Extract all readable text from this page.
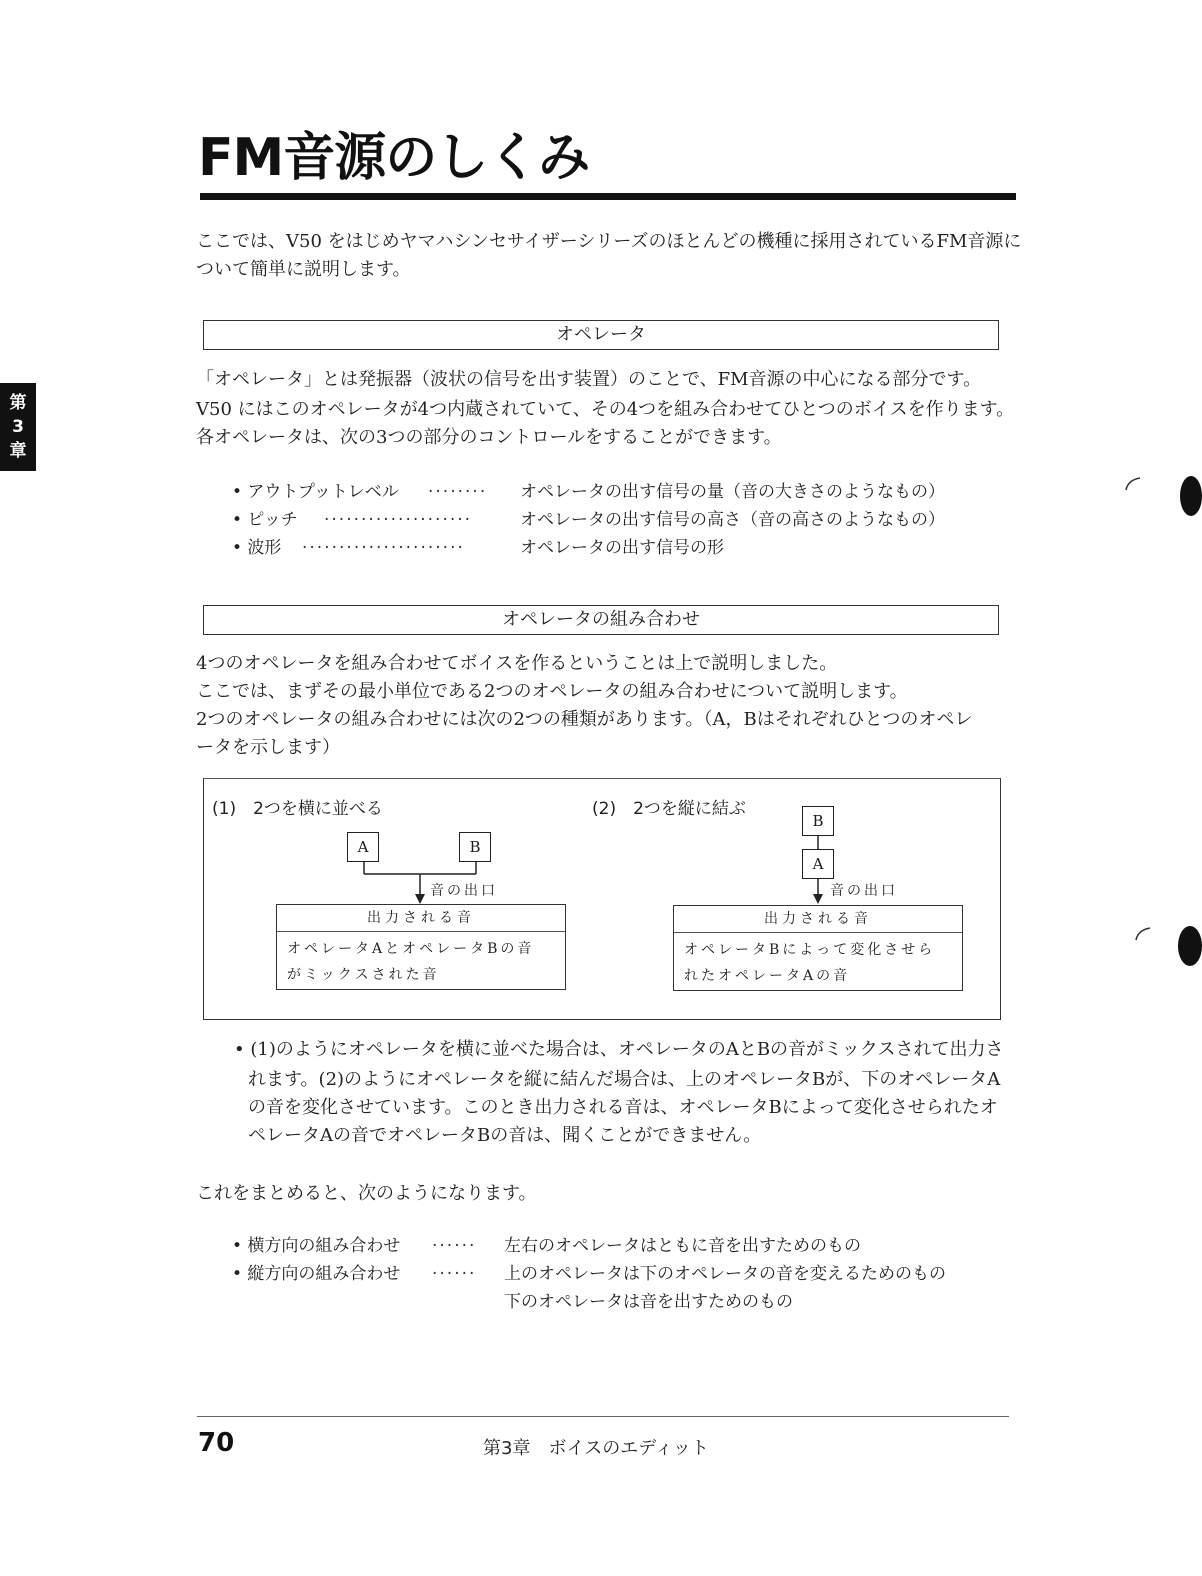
FM音源のしくみ
第
3
章
ここでは、V50 をはじめヤマハシンセサイザーシリーズのほとんどの機種に採用されているFM音源に
ついて簡単に説明します。
オペレータ
「オペレータ」とは発振器（波状の信号を出す装置）のことで、FM音源の中心になる部分です。
V50 にはこのオペレータが4つ内蔵されていて、その4つを組み合わせてひとつのボイスを作ります。
各オペレータは、次の3つの部分のコントロールをすることができます。
• アウトプットレベル ········ オペレータの出す信号の量（音の大きさのようなもの）
• ピッチ ····················	オペレータの出す信号の高さ（音の高さのようなもの）
• 波形 ······················	オペレータの出す信号の形
オペレータの組み合わせ
4つのオペレータを組み合わせてボイスを作るということは上で説明しました。
ここでは、まずその最小単位である2つのオペレータの組み合わせについて説明します。
2つのオペレータの組み合わせには次の2つの種類があります。（A，Bはそれぞれひとつのオペレ
ータを示します）
(1)　2つを横に並べる
A	B
音の出口
出力される音
オペレータAとオペレータBの音
がミックスされた音
(2)　2つを縦に結ぶ
B
A
音の出口
出力される音
オペレータBによって変化させら
れたオペレータAの音
• (1)のようにオペレータを横に並べた場合は、オペレータのAとBの音がミックスされて出力さ
れます。(2)のようにオペレータを縦に結んだ場合は、上のオペレータBが、下のオペレータA
の音を変化させています。このとき出力される音は、オペレータBによって変化させられたオ
ペレータAの音でオペレータBの音は、聞くことができません。
これをまとめると、次のようになります。
• 横方向の組み合わせ ······ 左右のオペレータはともに音を出すためのもの
• 縦方向の組み合わせ ······ 上のオペレータは下のオペレータの音を変えるためのもの
下のオペレータは音を出すためのもの
70	第3章　ボイスのエディット
